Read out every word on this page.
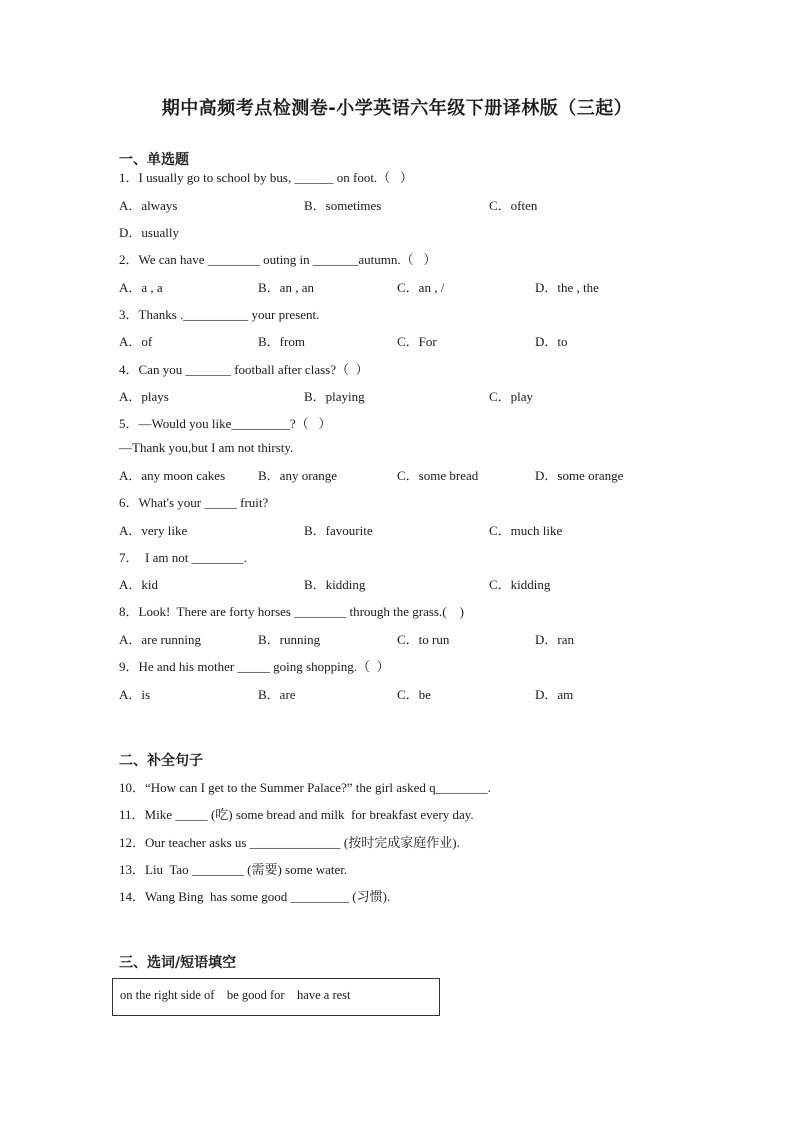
期中高频考点检测卷-小学英语六年级下册译林版（三起）
一、单选题
1．I usually go to school by bus, ______ on foot.（   ）
A．always	B．sometimes	C．often
D．usually
2．We can have ________ outing in _______autumn.（   ）
A．a , a	B．an , an	C．an , /	D．the , the
3．Thanks .__________ your present.
A．of	B．from	C．For	D．to
4．Can you _______ football after class?（  ）
A．plays	B．playing	C．play
5．—Would you like_________?（   ）
—Thank you,but I am not thirsty.
A．any moon cakes	B．any orange	C．some bread	D．some orange
6．What's your _____ fruit?
A．very like	B．favourite	C．much like
7．  I am not ________.
A．kid	B．kidding	C．kidding
8．Look!  There are forty horses ________ through the grass.(    )
A．are running	B．running	C．to run	D．ran
9．He and his mother _____ going shopping.（  ）
A．is	B．are	C．be	D．am
二、补全句子
10．“How can I get to the Summer Palace?” the girl asked q________.
11．Mike _____ (吃) some bread and milk  for breakfast every day.
12．Our teacher asks us ______________ (按时完成家庭作业).
13．Liu  Tao ________ (需要) some water.
14．Wang Bing  has some good _________ (习惯).
三、选词/短语填空
on the right side of    be good for    have a rest
